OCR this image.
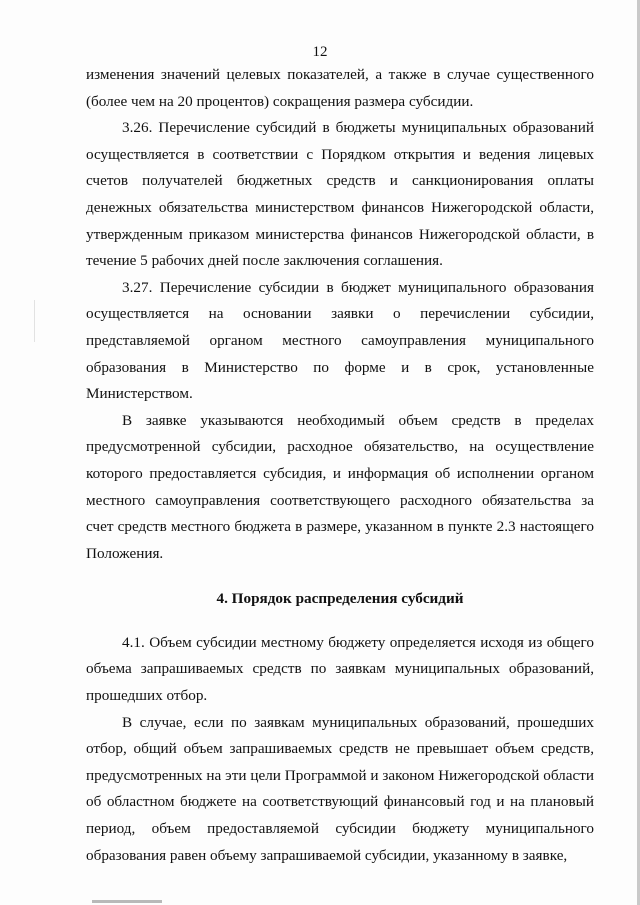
12

изменения значений целевых показателей, а также в случае существенного (более чем на 20 процентов) сокращения размера субсидии.

3.26. Перечисление субсидий в бюджеты муниципальных образований осуществляется в соответствии с Порядком открытия и ведения лицевых счетов получателей бюджетных средств и санкционирования оплаты денежных обязательства министерством финансов Нижегородской области, утвержденным приказом министерства финансов Нижегородской области, в течение 5 рабочих дней после заключения соглашения.

3.27. Перечисление субсидии в бюджет муниципального образования осуществляется на основании заявки о перечислении субсидии, представляемой органом местного самоуправления муниципального образования в Министерство по форме и в срок, установленные Министерством.

В заявке указываются необходимый объем средств в пределах предусмотренной субсидии, расходное обязательство, на осуществление которого предоставляется субсидия, и информация об исполнении органом местного самоуправления соответствующего расходного обязательства за счет средств местного бюджета в размере, указанном в пункте 2.3 настоящего Положения.

4. Порядок распределения субсидий

4.1. Объем субсидии местному бюджету определяется исходя из общего объема запрашиваемых средств по заявкам муниципальных образований, прошедших отбор.

В случае, если по заявкам муниципальных образований, прошедших отбор, общий объем запрашиваемых средств не превышает объем средств, предусмотренных на эти цели Программой и законом Нижегородской области об областном бюджете на соответствующий финансовый год и на плановый период, объем предоставляемой субсидии бюджету муниципального образования равен объему запрашиваемой субсидии, указанному в заявке,
